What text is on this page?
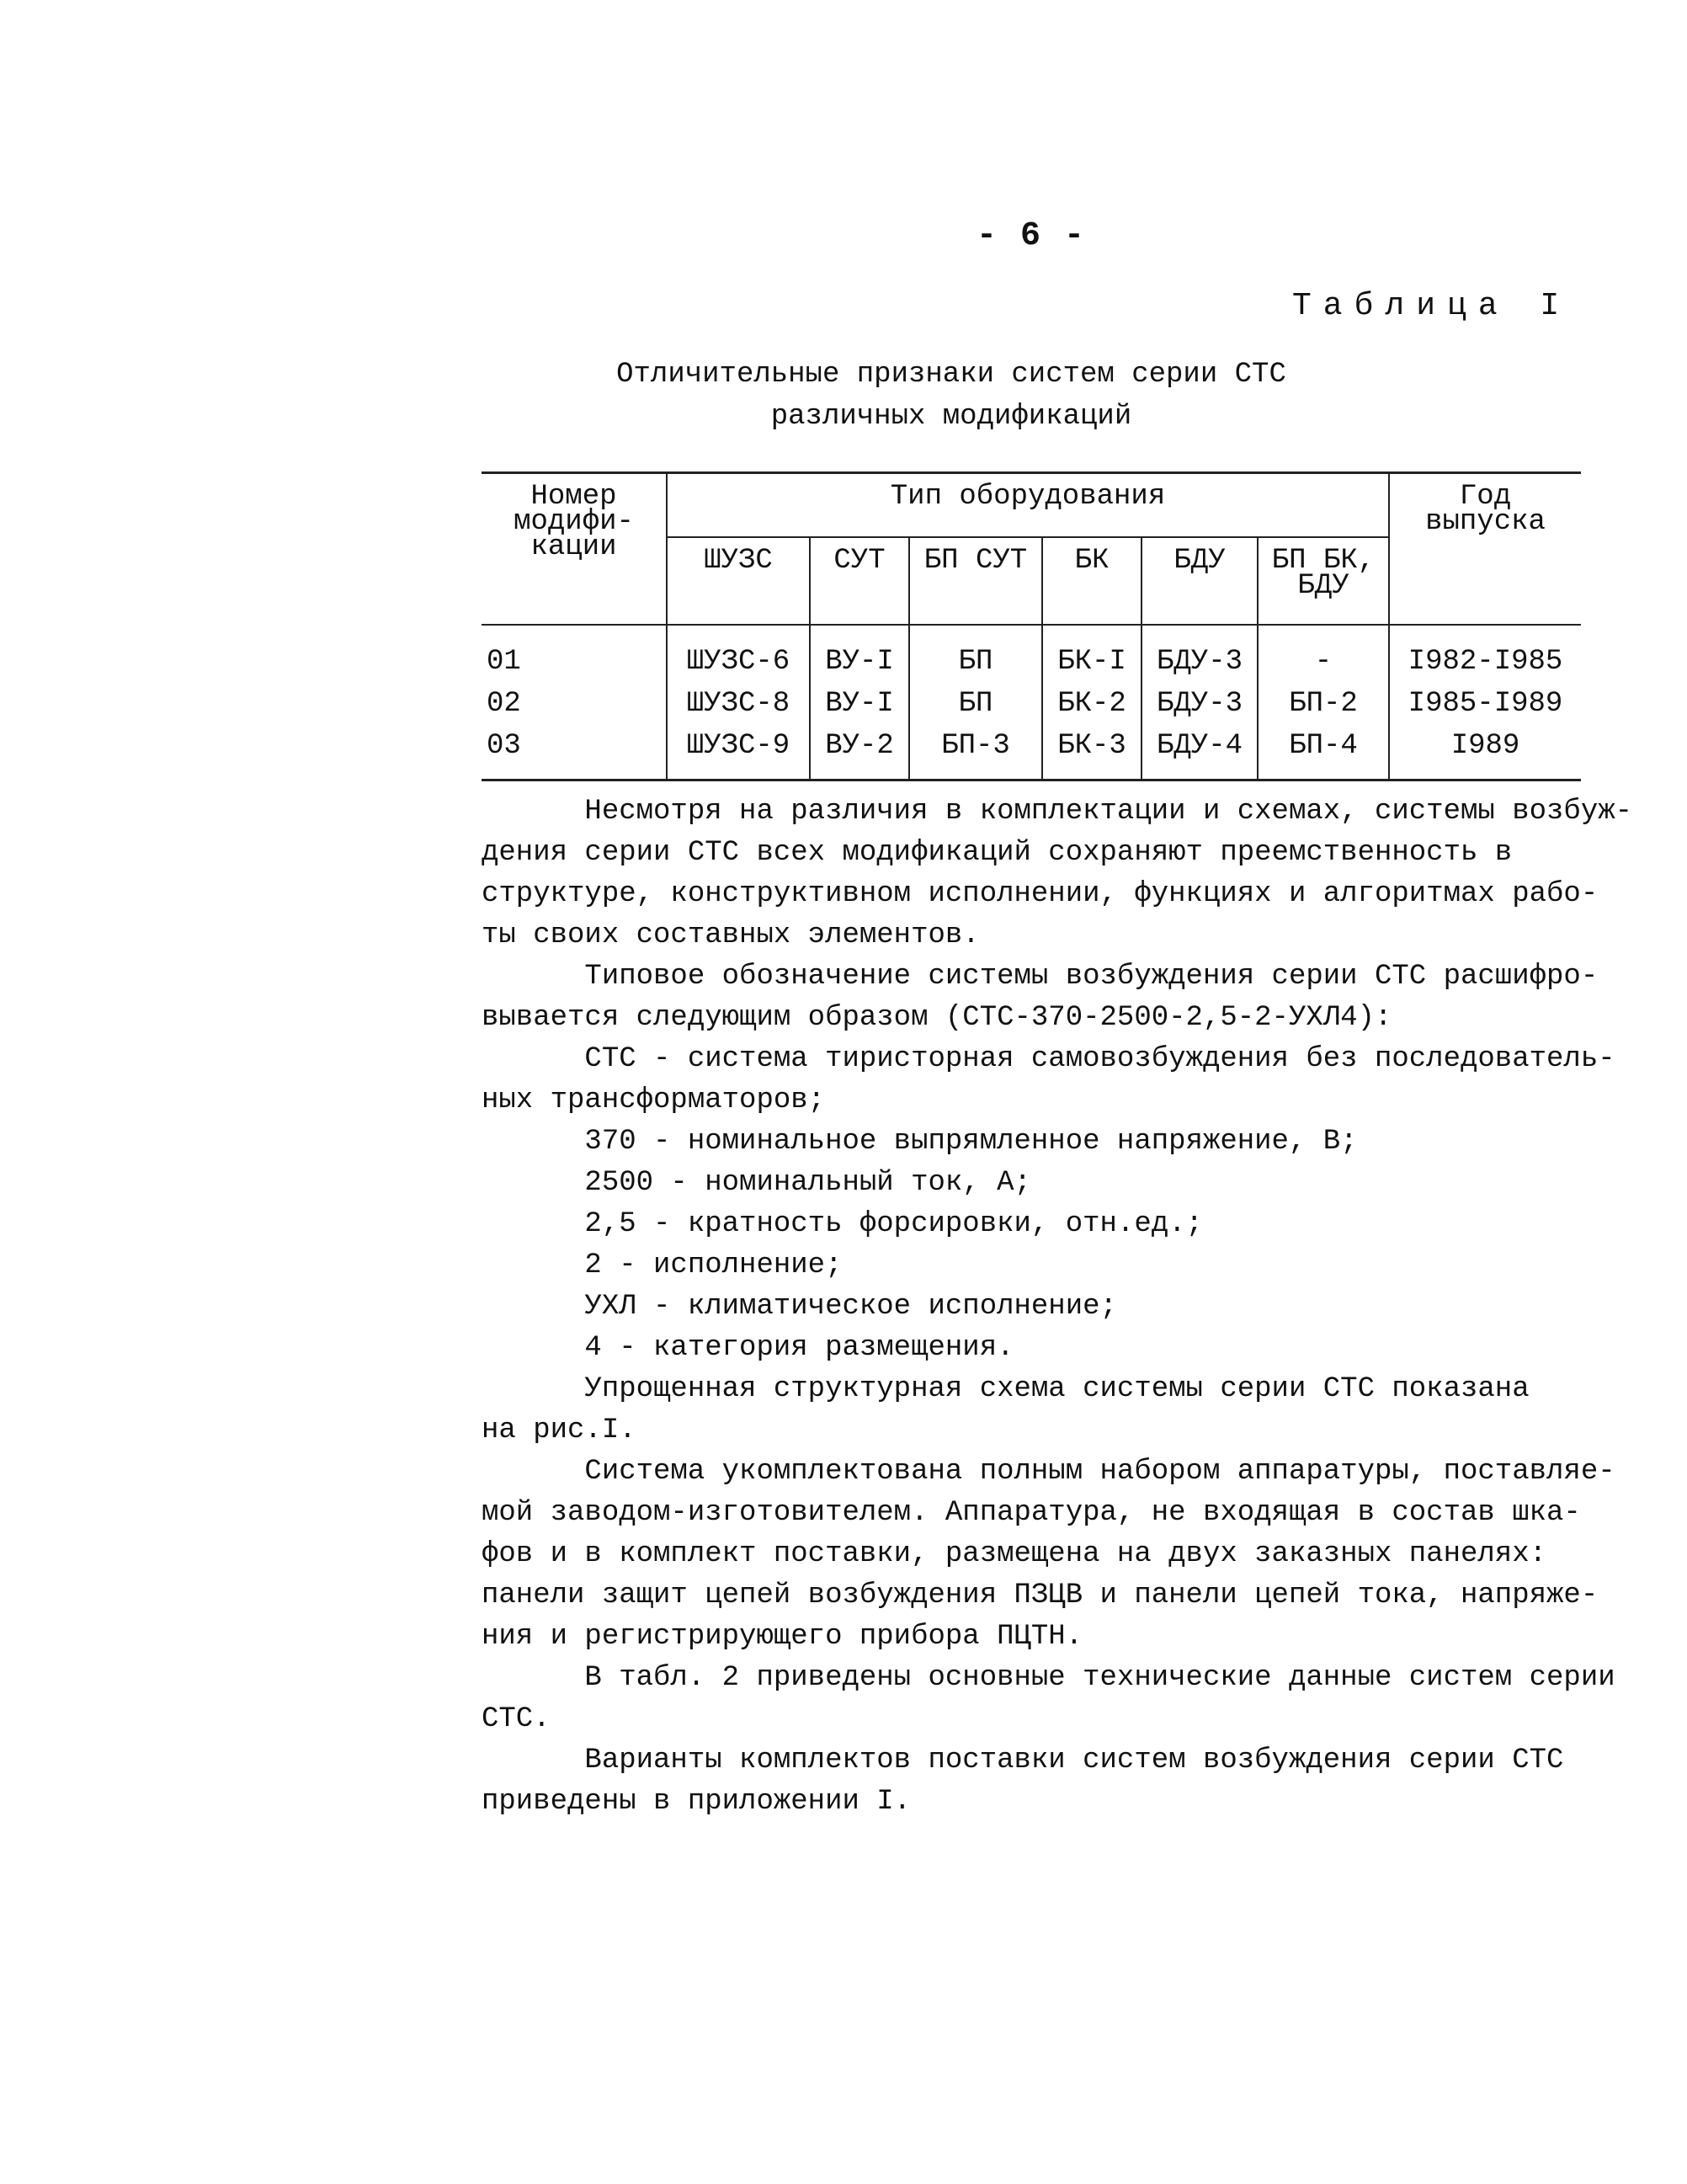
- 6 -
Таблица I
Отличительные признаки систем серии СТС
различных модификаций
Номер модифи-кации	Тип оборудования						Год выпуска
	ШУЗС	СУТ	БП СУТ	БК	БДУ	БП БК, БДУ	
01	ШУЗС-6	ВУ-I	БП	БК-I	БДУ-3	-	I982-I985
02	ШУЗС-8	ВУ-I	БП	БК-2	БДУ-3	БП-2	I985-I989
03	ШУЗС-9	ВУ-2	БП-3	БК-3	БДУ-4	БП-4	I989

Несмотря на различия в комплектации и схемах, системы возбуж-

дения серии СТС всех модификаций сохраняют преемственность в

структуре, конструктивном исполнении, функциях и алгоритмах рабо-

ты своих составных элементов.

Типовое обозначение системы возбуждения серии СТС расшифро-

вывается следующим образом (СТС-370-2500-2,5-2-УХЛ4):

СТС - система тиристорная самовозбуждения без последователь-

ных трансформаторов;

370 - номинальное выпрямленное напряжение, В;

2500 - номинальный ток, А;

2,5 - кратность форсировки, отн.ед.;

2 - исполнение;

УХЛ - климатическое исполнение;

4 - категория размещения.

Упрощенная структурная схема системы серии СТС показана

на рис.I.

Система укомплектована полным набором аппаратуры, поставляе-

мой заводом-изготовителем. Аппаратура, не входящая в состав шка-

фов и в комплект поставки, размещена на двух заказных панелях:

панели защит цепей возбуждения ПЗЦВ и панели цепей тока, напряже-

ния и регистрирующего прибора ПЦТН.

В табл. 2 приведены основные технические данные систем серии

СТС.

Варианты комплектов поставки систем возбуждения серии СТС

приведены в приложении I.
